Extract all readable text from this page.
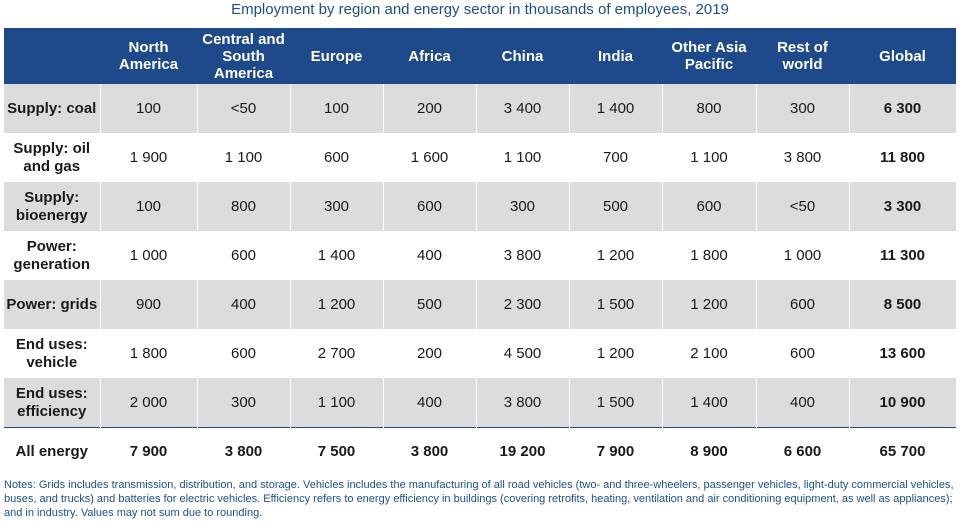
Employment by region and energy sector in thousands of employees, 2019
	North America	Central and South America	Europe	Africa	China	India	Other Asia Pacific	Rest of world	Global
Supply: coal	100	<50	100	200	3 400	1 400	800	300	6 300
Supply: oil and gas	1 900	1 100	600	1 600	1 100	700	1 100	3 800	11 800
Supply: bioenergy	100	800	300	600	300	500	600	<50	3 300
Power: generation	1 000	600	1 400	400	3 800	1 200	1 800	1 000	11 300
Power: grids	900	400	1 200	500	2 300	1 500	1 200	600	8 500
End uses: vehicle	1 800	600	2 700	200	4 500	1 200	2 100	600	13 600
End uses: efficiency	2 000	300	1 100	400	3 800	1 500	1 400	400	10 900
All energy	7 900	3 800	7 500	3 800	19 200	7 900	8 900	6 600	65 700
Notes: Grids includes transmission, distribution, and storage. Vehicles includes the manufacturing of all road vehicles (two- and three-wheelers, passenger vehicles, light-duty commercial vehicles, buses, and trucks) and batteries for electric vehicles. Efficiency refers to energy efficiency in buildings (covering retrofits, heating, ventilation and air conditioning equipment, as well as appliances); and in industry. Values may not sum due to rounding.
